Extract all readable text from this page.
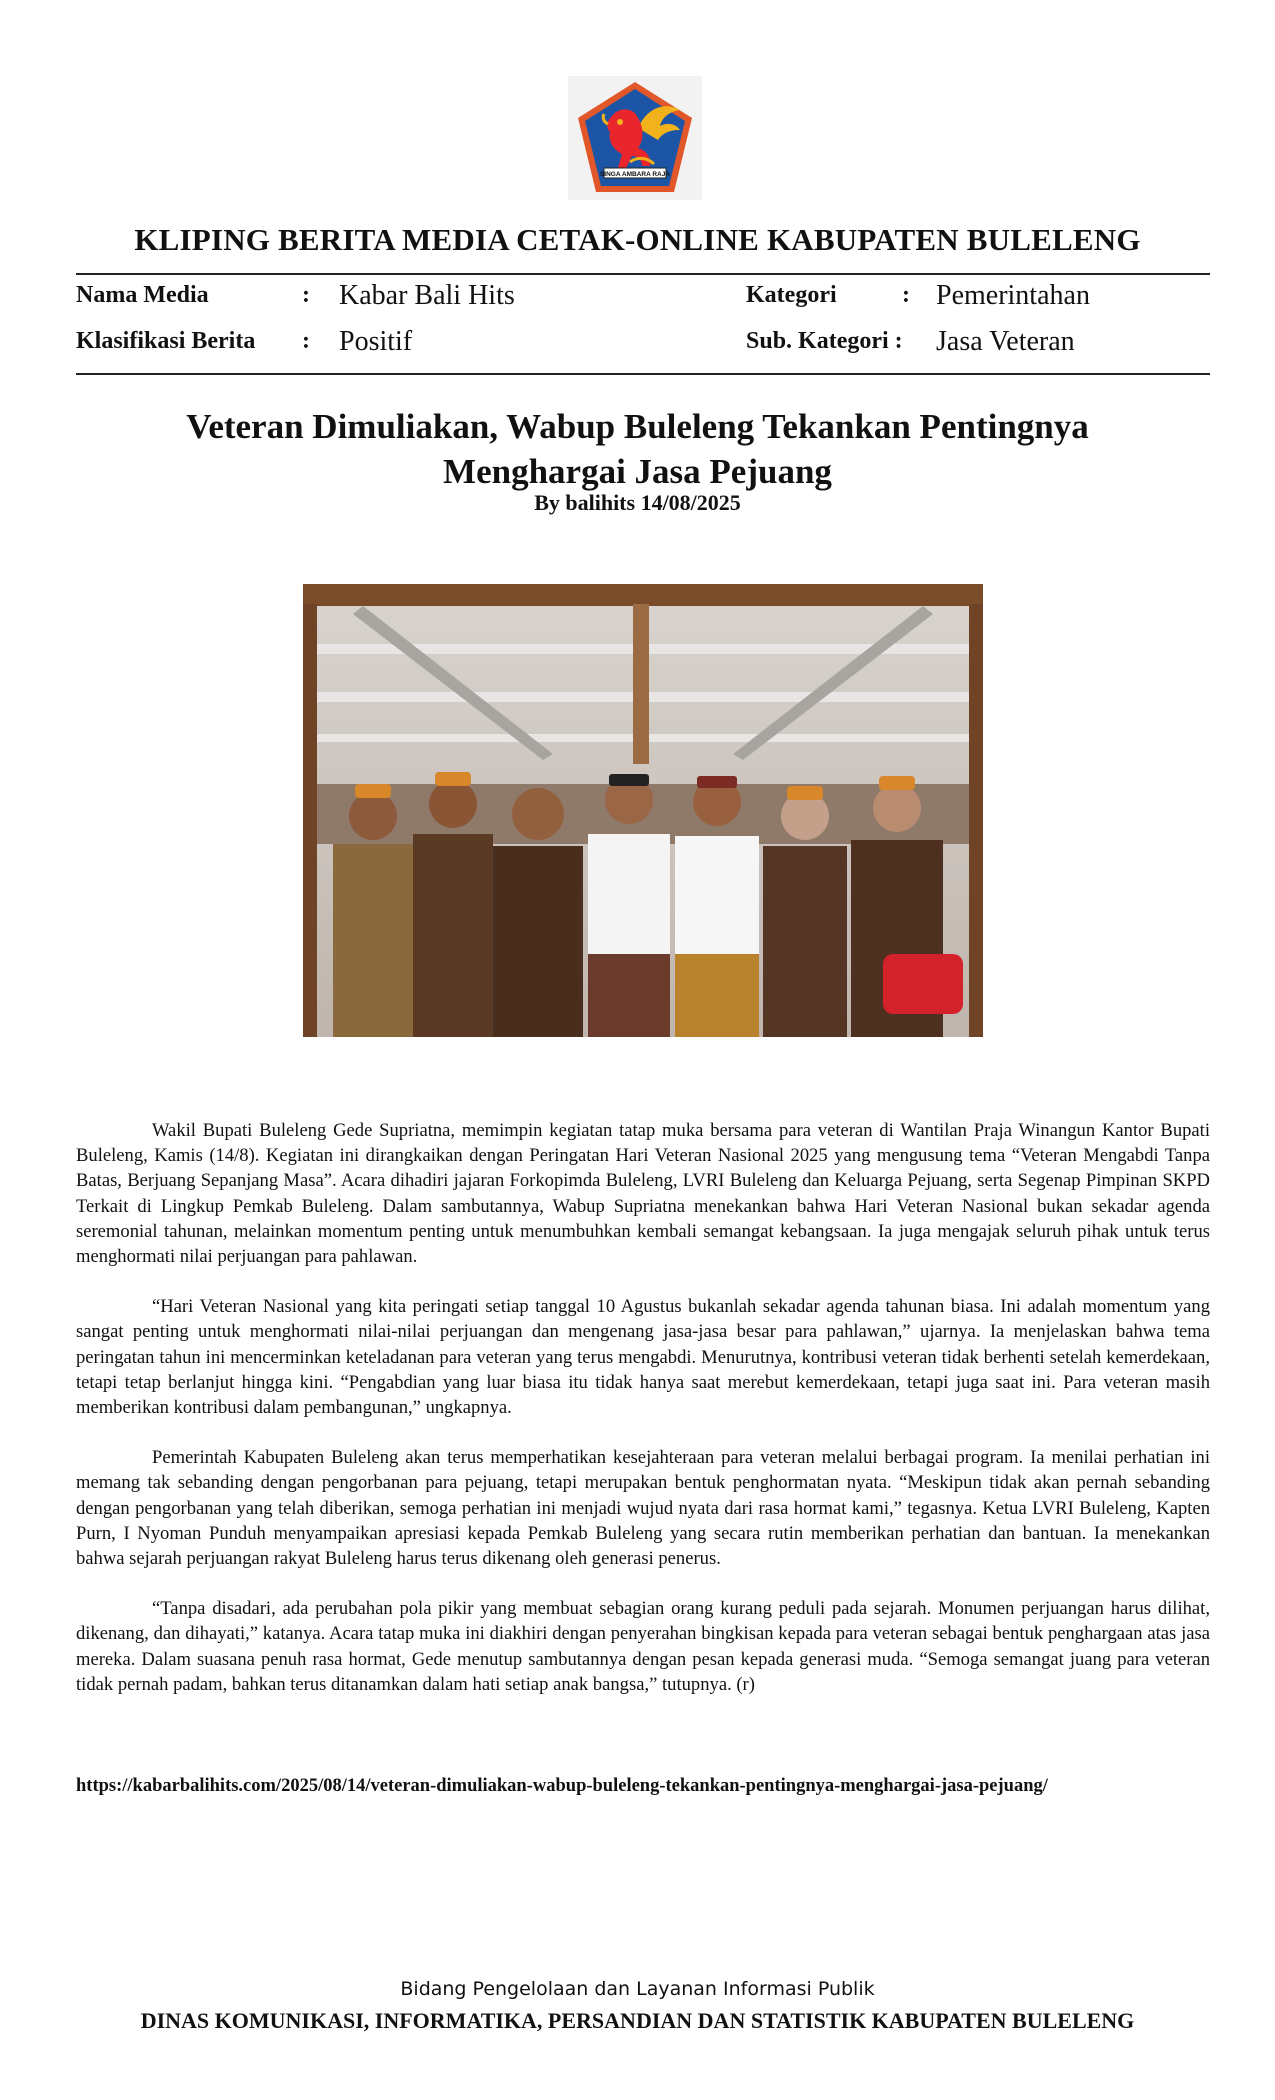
SINGA AMBARA RAJA
KLIPING BERITA MEDIA CETAK-ONLINE KABUPATEN BULELENG
Nama Media	: Kabar Bali Hits	Kategori	: Pemerintahan
Klasifikasi Berita : Positif	Sub. Kategori : Jasa Veteran
Veteran Dimuliakan, Wabup Buleleng Tekankan Pentingnya
Menghargai Jasa Pejuang
By balihits 14/08/2025

Wakil Bupati Buleleng Gede Supriatna, memimpin kegiatan tatap muka bersama para veteran di Wantilan Praja Winangun Kantor Bupati Buleleng, Kamis (14/8). Kegiatan ini dirangkaikan dengan Peringatan Hari Veteran Nasional 2025 yang mengusung tema “Veteran Mengabdi Tanpa Batas, Berjuang Sepanjang Masa”. Acara dihadiri jajaran Forkopimda Buleleng, LVRI Buleleng dan Keluarga Pejuang, serta Segenap Pimpinan SKPD Terkait di Lingkup Pemkab Buleleng. Dalam sambutannya, Wabup Supriatna menekankan bahwa Hari Veteran Nasional bukan sekadar agenda seremonial tahunan, melainkan momentum penting untuk menumbuhkan kembali semangat kebangsaan. Ia juga mengajak seluruh pihak untuk terus menghormati nilai perjuangan para pahlawan.

“Hari Veteran Nasional yang kita peringati setiap tanggal 10 Agustus bukanlah sekadar agenda tahunan biasa. Ini adalah momentum yang sangat penting untuk menghormati nilai-nilai perjuangan dan mengenang jasa-jasa besar para pahlawan,” ujarnya. Ia menjelaskan bahwa tema peringatan tahun ini mencerminkan keteladanan para veteran yang terus mengabdi. Menurutnya, kontribusi veteran tidak berhenti setelah kemerdekaan, tetapi tetap berlanjut hingga kini. “Pengabdian yang luar biasa itu tidak hanya saat merebut kemerdekaan, tetapi juga saat ini. Para veteran masih memberikan kontribusi dalam pembangunan,” ungkapnya.

Pemerintah Kabupaten Buleleng akan terus memperhatikan kesejahteraan para veteran melalui berbagai program. Ia menilai perhatian ini memang tak sebanding dengan pengorbanan para pejuang, tetapi merupakan bentuk penghormatan nyata. “Meskipun tidak akan pernah sebanding dengan pengorbanan yang telah diberikan, semoga perhatian ini menjadi wujud nyata dari rasa hormat kami,” tegasnya. Ketua LVRI Buleleng, Kapten Purn, I Nyoman Punduh menyampaikan apresiasi kepada Pemkab Buleleng yang secara rutin memberikan perhatian dan bantuan. Ia menekankan bahwa sejarah perjuangan rakyat Buleleng harus terus dikenang oleh generasi penerus.

“Tanpa disadari, ada perubahan pola pikir yang membuat sebagian orang kurang peduli pada sejarah. Monumen perjuangan harus dilihat, dikenang, dan dihayati,” katanya. Acara tatap muka ini diakhiri dengan penyerahan bingkisan kepada para veteran sebagai bentuk penghargaan atas jasa mereka. Dalam suasana penuh rasa hormat, Gede menutup sambutannya dengan pesan kepada generasi muda. “Semoga semangat juang para veteran tidak pernah padam, bahkan terus ditanamkan dalam hati setiap anak bangsa,” tutupnya. (r)

https://kabarbalihits.com/2025/08/14/veteran-dimuliakan-wabup-buleleng-tekankan-pentingnya-menghargai-jasa-pejuang/
Bidang Pengelolaan dan Layanan Informasi Publik
DINAS KOMUNIKASI, INFORMATIKA, PERSANDIAN DAN STATISTIK KABUPATEN BULELENG
